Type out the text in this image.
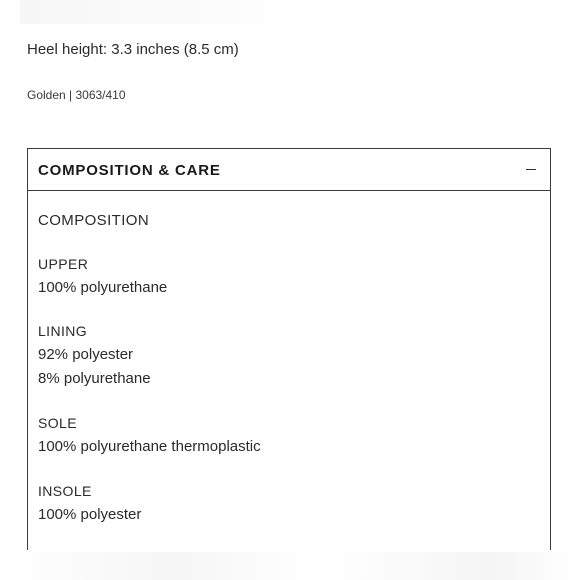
Heel height: 3.3 inches (8.5 cm)
Golden | 3063/410
COMPOSITION & CARE
COMPOSITION
UPPER
100% polyurethane
LINING
92% polyester
8% polyurethane
SOLE
100% polyurethane thermoplastic
INSOLE
100% polyester
